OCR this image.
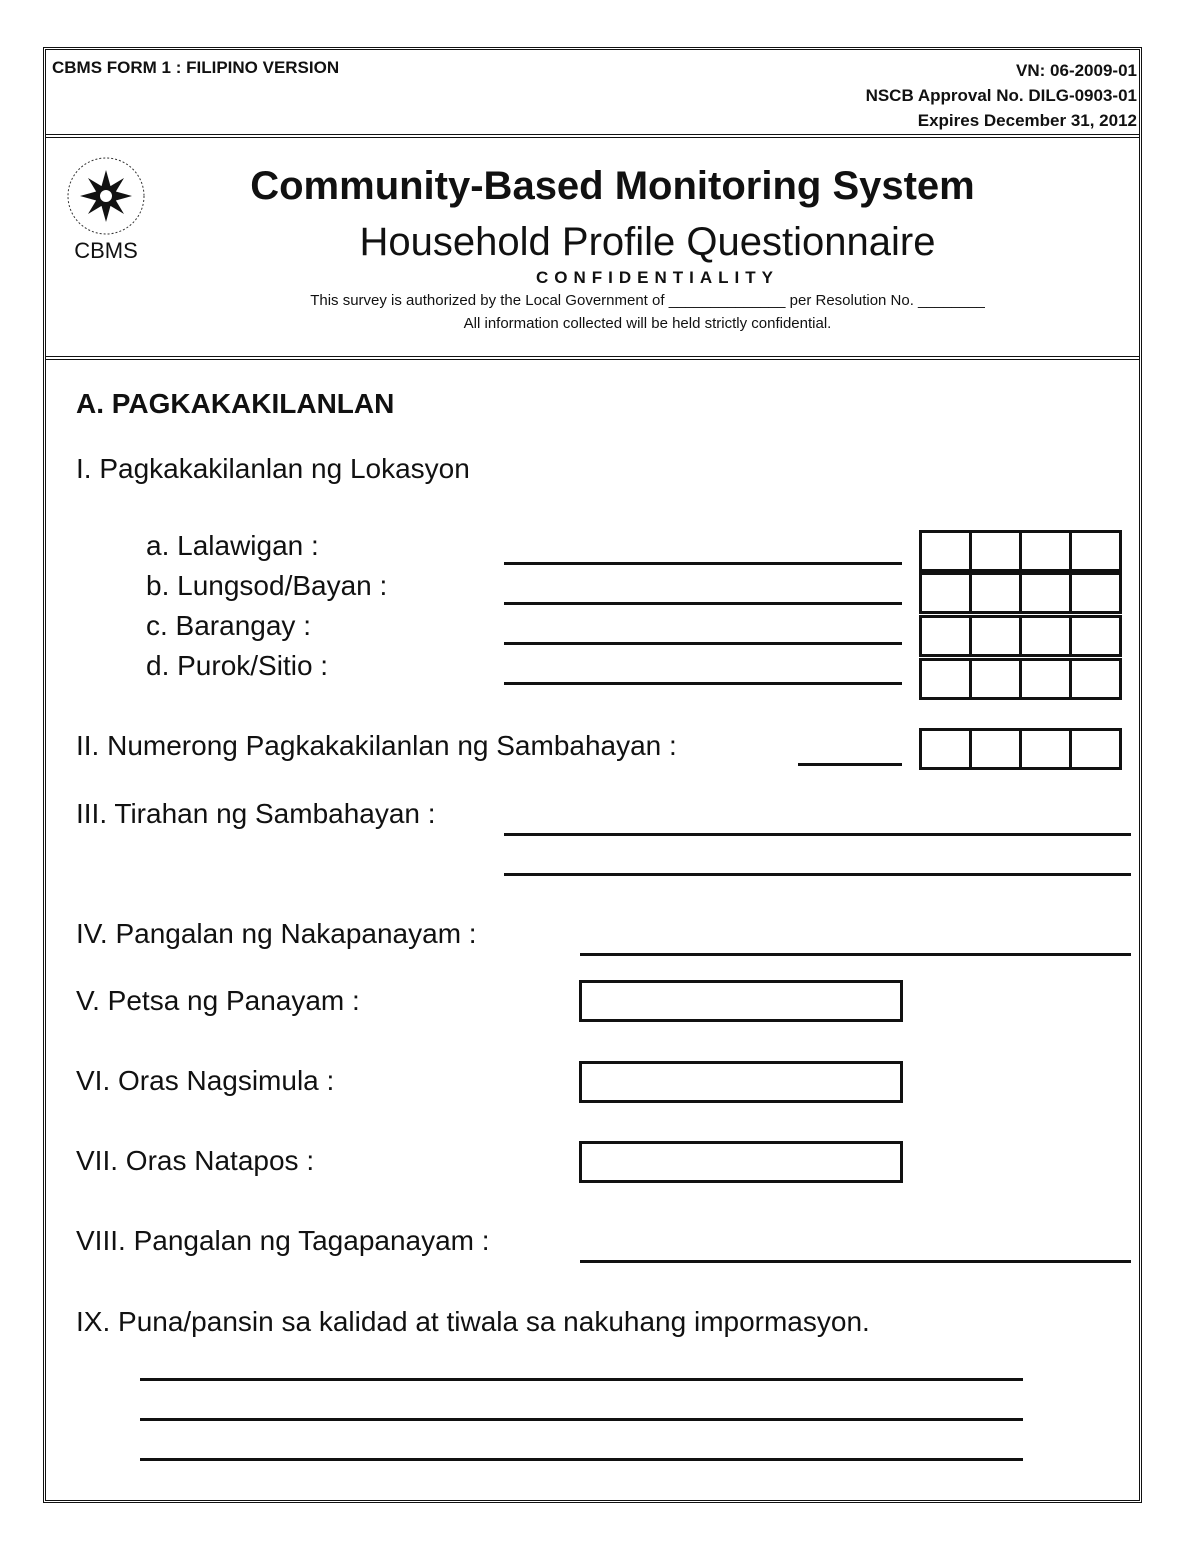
CBMS FORM 1 : FILIPINO VERSION	VN: 06-2009-01
NSCB Approval No. DILG-0903-01
Expires December 31, 2012
CBMS
Community-Based Monitoring System
Household Profile Questionnaire
CONFIDENTIALITY
This survey is authorized by the Local Government of ______________ per Resolution No. ________
All information collected will be held strictly confidential.
A. PAGKAKAKILANLAN
I. Pagkakakilanlan ng Lokasyon
a. Lalawigan :
b. Lungsod/Bayan :
c. Barangay :
d. Purok/Sitio :
II. Numerong Pagkakakilanlan ng Sambahayan :
III. Tirahan ng Sambahayan :
IV. Pangalan ng Nakapanayam :
V. Petsa ng Panayam :
VI. Oras Nagsimula :
VII. Oras Natapos :
VIII. Pangalan ng Tagapanayam :
IX. Puna/pansin sa kalidad at tiwala sa nakuhang impormasyon.
